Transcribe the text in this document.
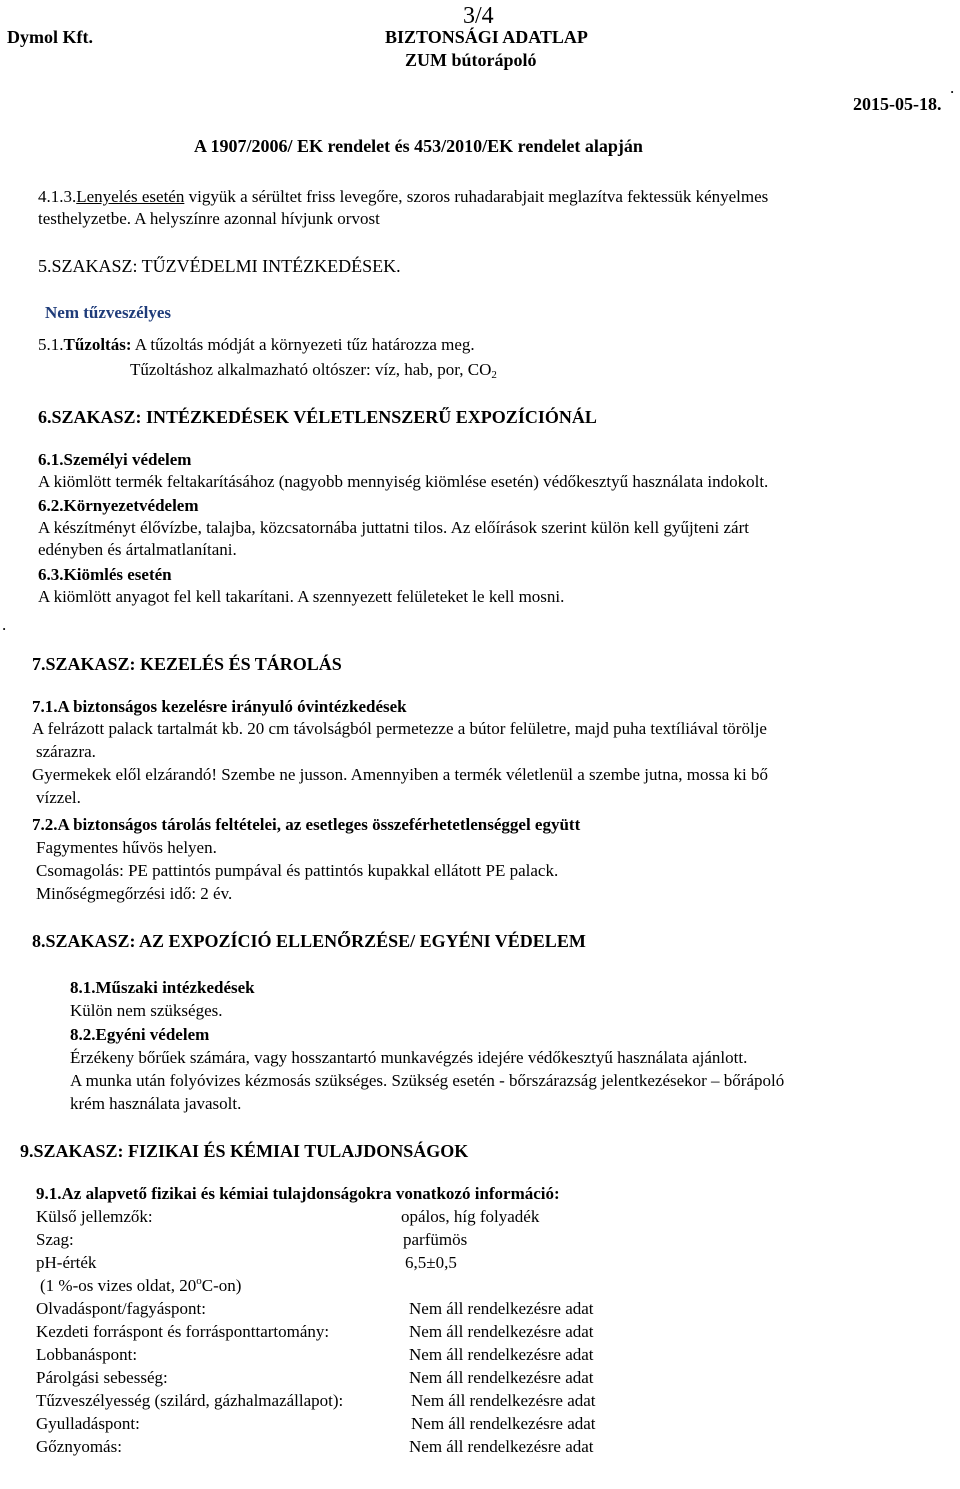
Dymol Kft.
3/4
BIZTONSÁGI ADATLAP
ZUM bútorápoló
2015-05-18.
.
A 1907/2006/ EK rendelet és 453/2010/EK rendelet alapján
4.1.3.Lenyelés esetén vigyük a sérültet friss levegőre, szoros ruhadarabjait meglazítva fektessük kényelmes
testhelyzetbe. A helyszínre azonnal hívjunk orvost
5.SZAKASZ: TŰZVÉDELMI INTÉZKEDÉSEK.
Nem tűzveszélyes
5.1.Tűzoltás: A tűzoltás módját a környezeti tűz határozza meg.
Tűzoltáshoz alkalmazható oltószer: víz, hab, por, $CO_2$
6.SZAKASZ: INTÉZKEDÉSEK VÉLETLENSZERŰ EXPOZÍCIÓNÁL
6.1.Személyi védelem
A kiömlött termék feltakarításához (nagyobb mennyiség kiömlése esetén) védőkesztyű használata indokolt.
6.2.Környezetvédelem
A készítményt élővízbe, talajba, közcsatornába juttatni tilos. Az előírások szerint külön kell gyűjteni zárt
edényben és ártalmatlanítani.
6.3.Kiömlés esetén
A kiömlött anyagot fel kell takarítani. A szennyezett felületeket le kell mosni.
.
7.SZAKASZ: KEZELÉS ÉS TÁROLÁS
7.1.A biztonságos kezelésre irányuló óvintézkedések
A felrázott palack tartalmát kb. 20 cm távolságból permetezze a bútor felületre, majd puha textíliával törölje
szárazra.
Gyermekek elől elzárandó! Szembe ne jusson. Amennyiben a termék véletlenül a szembe jutna, mossa ki bő
vízzel.
7.2.A biztonságos tárolás feltételei, az esetleges összeférhetetlenséggel együtt
Fagymentes hűvös helyen.
Csomagolás: PE pattintós pumpával és pattintós kupakkal ellátott PE palack.
Minőségmegőrzési idő: 2 év.
8.SZAKASZ: AZ EXPOZÍCIÓ ELLENŐRZÉSE/ EGYÉNI VÉDELEM
8.1.Műszaki intézkedések
Külön nem szükséges.
8.2.Egyéni védelem
Érzékeny bőrűek számára, vagy hosszantartó munkavégzés idejére védőkesztyű használata ajánlott.
A munka után folyóvizes kézmosás szükséges. Szükség esetén - bőrszárazság jelentkezésekor – bőrápoló
krém használata javasolt.
9.SZAKASZ: FIZIKAI ÉS KÉMIAI TULAJDONSÁGOK
9.1.Az alapvető fizikai és kémiai tulajdonságokra vonatkozó információ:
Külső jellemzők:	opálos, híg folyadék
Szag:	parfümös
pH-érték	6,5±0,5
(1 %-os vizes oldat, 20$^o$C-on)
Olvadáspont/fagyáspont:	Nem áll rendelkezésre adat
Kezdeti forráspont és forrásponttartomány:	Nem áll rendelkezésre adat
Lobbanáspont:	Nem áll rendelkezésre adat
Párolgási sebesség:	Nem áll rendelkezésre adat
Tűzveszélyesség (szilárd, gázhalmazállapot):	Nem áll rendelkezésre adat
Gyulladáspont:	Nem áll rendelkezésre adat
Gőznyomás:	Nem áll rendelkezésre adat
